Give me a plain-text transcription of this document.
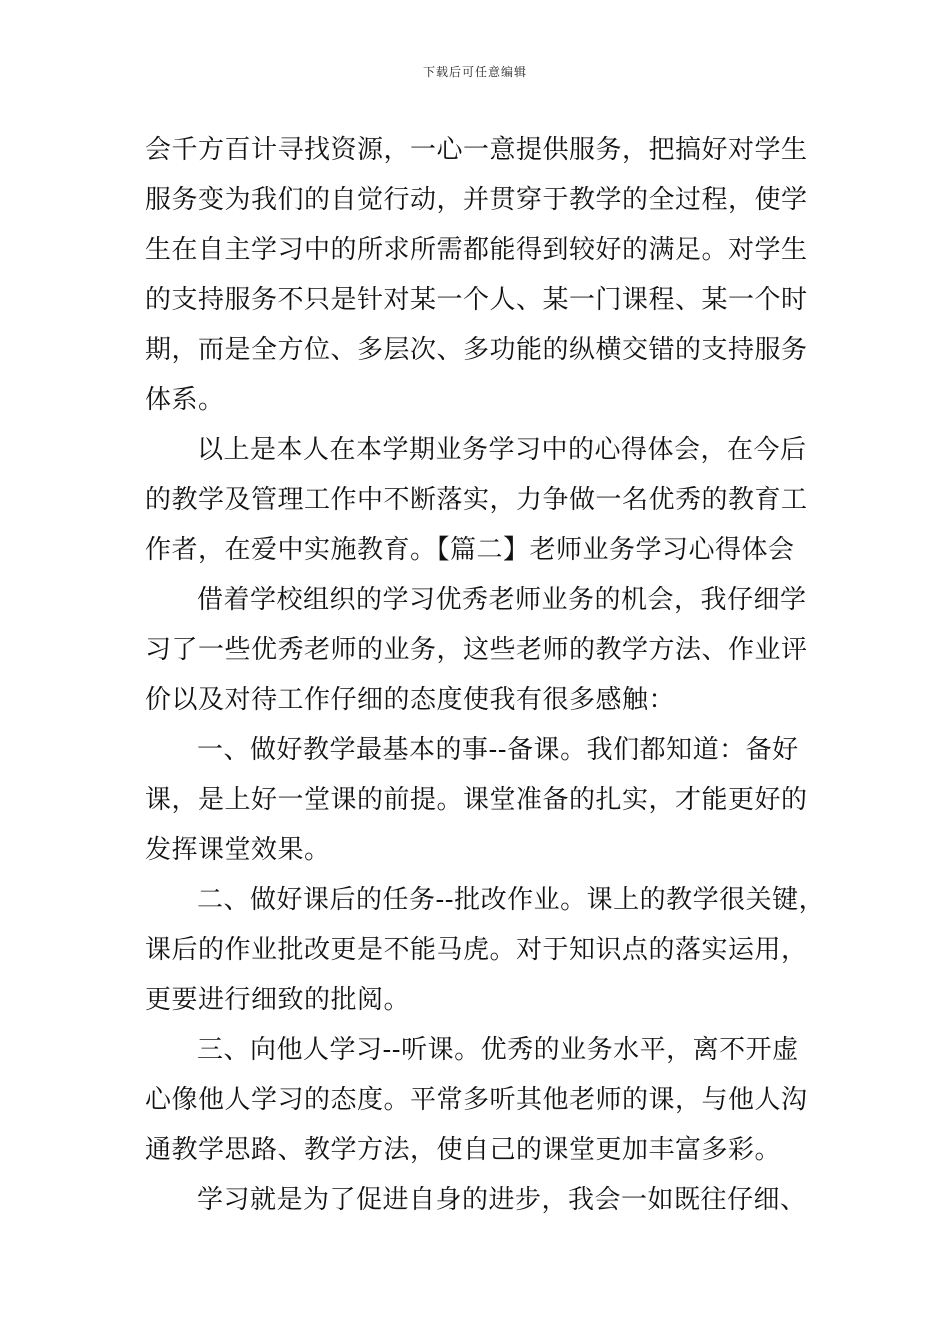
下载后可任意编辑
会千方百计寻找资源，一心一意提供服务，把搞好对学生
服务变为我们的自觉行动，并贯穿于教学的全过程，使学
生在自主学习中的所求所需都能得到较好的满足。对学生
的支持服务不只是针对某一个人、某一门课程、某一个时
期，而是全方位、多层次、多功能的纵横交错的支持服务
体系。
以上是本人在本学期业务学习中的心得体会，在今后
的教学及管理工作中不断落实，力争做一名优秀的教育工
作者，在爱中实施教育。【篇二】老师业务学习心得体会
借着学校组织的学习优秀老师业务的机会，我仔细学
习了一些优秀老师的业务，这些老师的教学方法、作业评
价以及对待工作仔细的态度使我有很多感触：
一、做好教学最基本的事--备课。我们都知道：备好
课，是上好一堂课的前提。课堂准备的扎实，才能更好的
发挥课堂效果。
二、做好课后的任务--批改作业。课上的教学很关键，
课后的作业批改更是不能马虎。对于知识点的落实运用，
更要进行细致的批阅。
三、向他人学习--听课。优秀的业务水平，离不开虚
心像他人学习的态度。平常多听其他老师的课，与他人沟
通教学思路、教学方法，使自己的课堂更加丰富多彩。
学习就是为了促进自身的进步，我会一如既往仔细、
